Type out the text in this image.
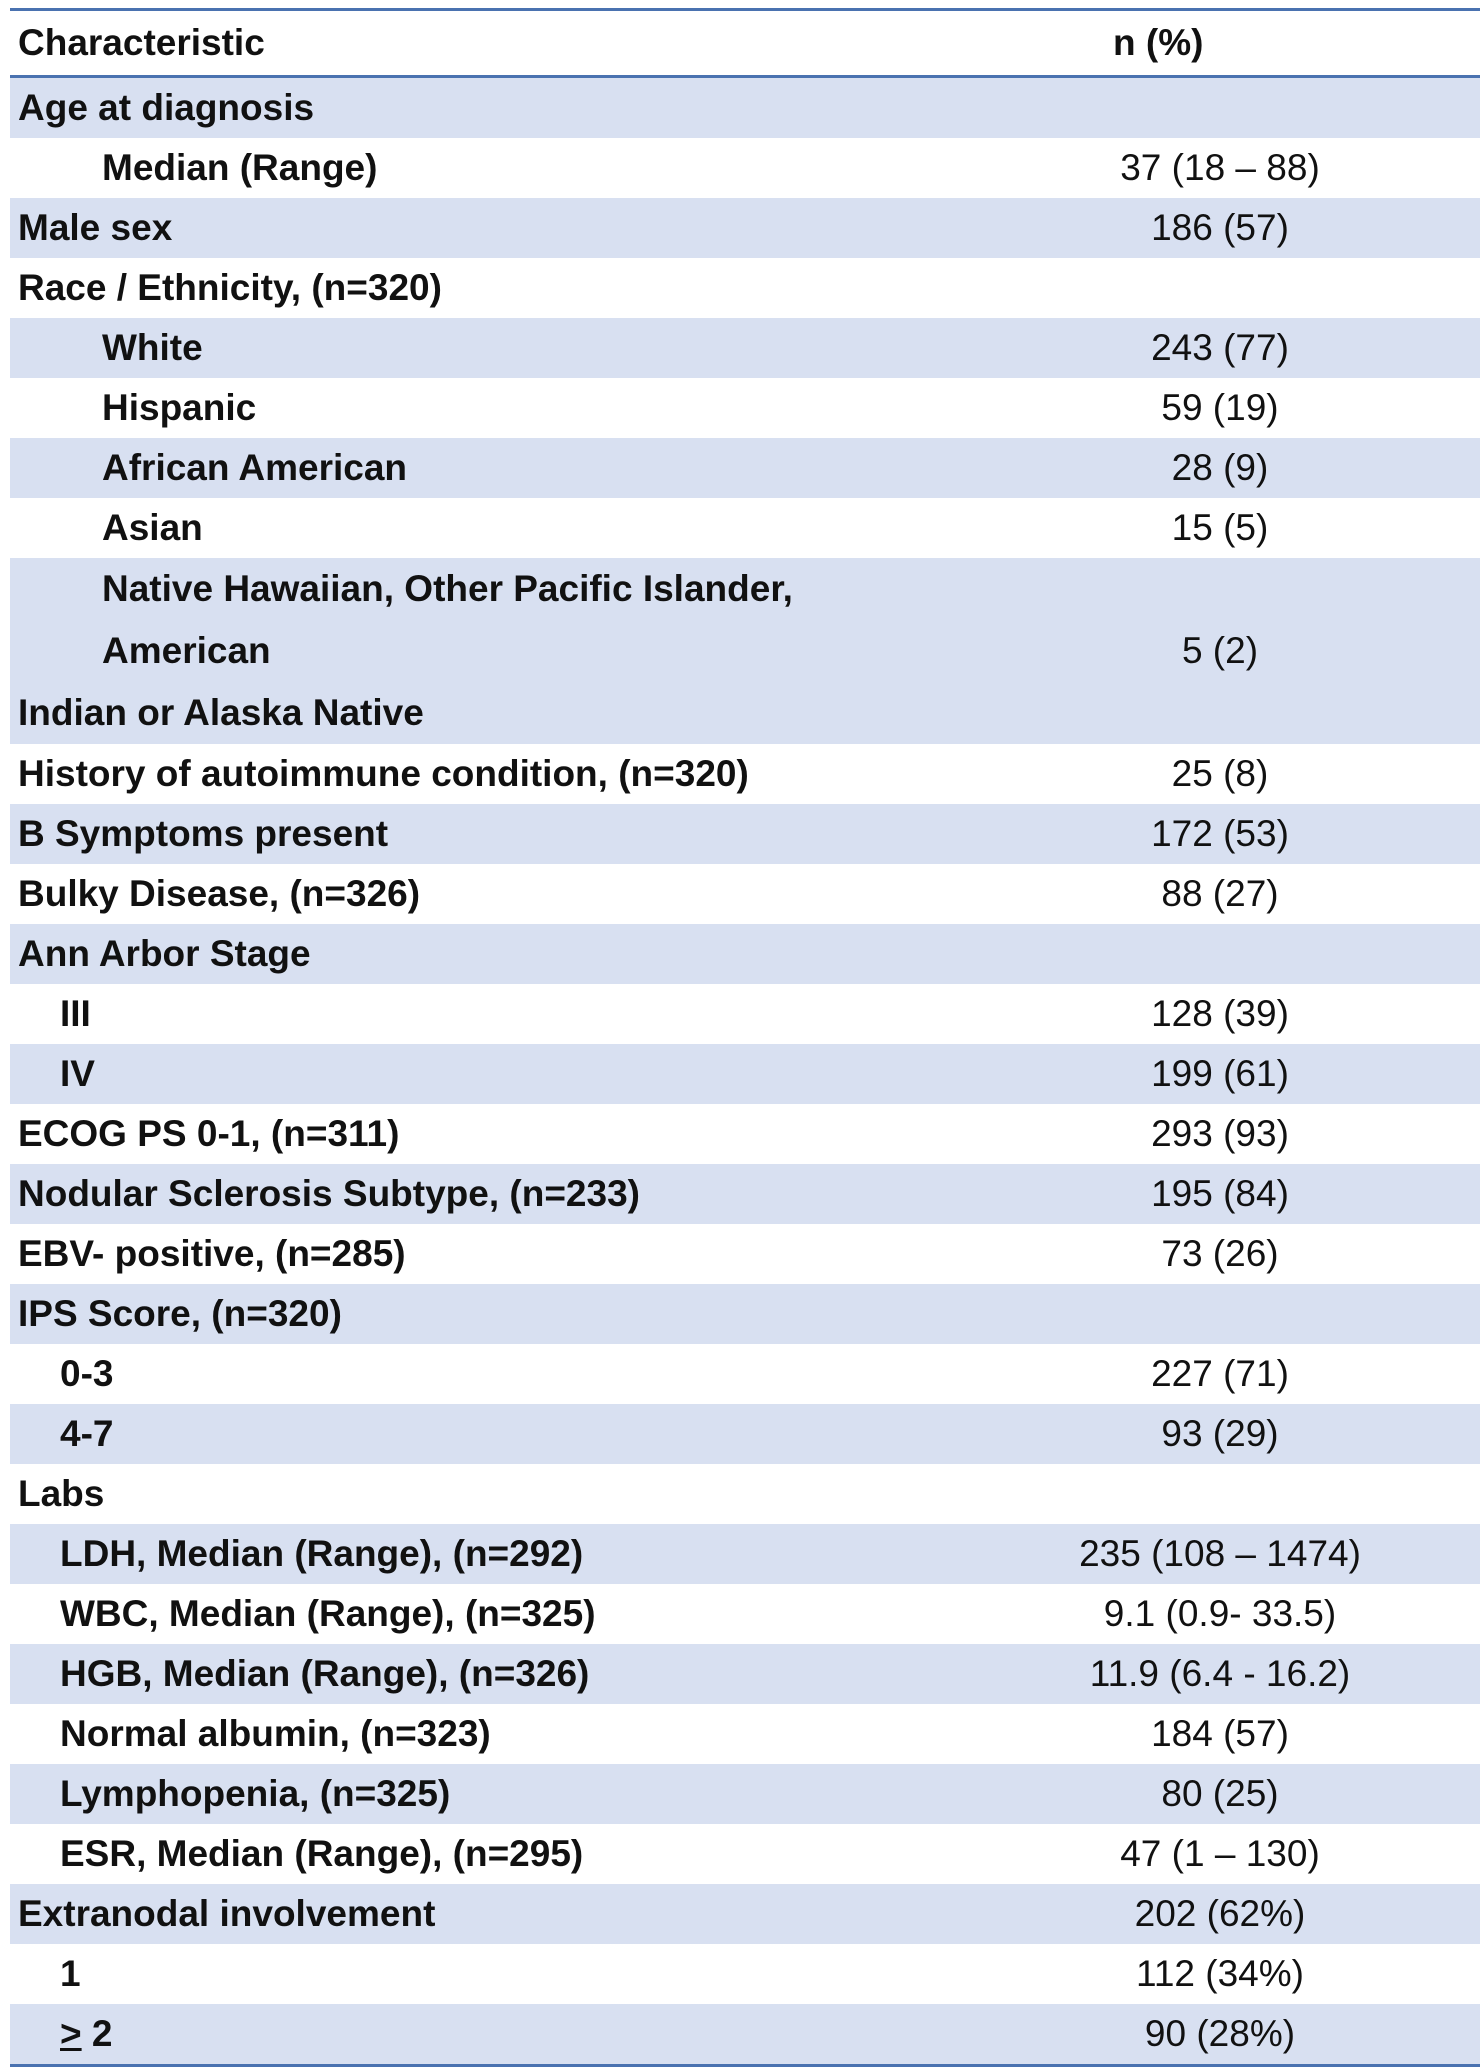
Characteristic	n (%)
Age at diagnosis	
Median (Range)	37 (18 – 88)
Male sex	186 (57)
Race / Ethnicity, (n=320)	
White	243 (77)
Hispanic	59 (19)
African American	28 (9)
Asian	15 (5)

Native Hawaiian, Other Pacific Islander, American
Indian or Alaska Native	5 (2)
History of autoimmune condition, (n=320)	25 (8)
B Symptoms present	172 (53)
Bulky Disease, (n=326)	88 (27)
Ann Arbor Stage	
III	128 (39)
IV	199 (61)
ECOG PS 0-1, (n=311)	293 (93)
Nodular Sclerosis Subtype, (n=233)	195 (84)
EBV- positive, (n=285)	73 (26)
IPS Score, (n=320)	
0-3	227 (71)
4-7	93 (29)
Labs	
LDH, Median (Range), (n=292)	235 (108 – 1474)
WBC, Median (Range), (n=325)	9.1 (0.9- 33.5)
HGB, Median (Range), (n=326)	11.9 (6.4 - 16.2)
Normal albumin, (n=323)	184 (57)
Lymphopenia, (n=325)	80 (25)
ESR, Median (Range), (n=295)	47 (1 – 130)
Extranodal involvement	202 (62%)
1	112 (34%)
≥ 2	90 (28%)
